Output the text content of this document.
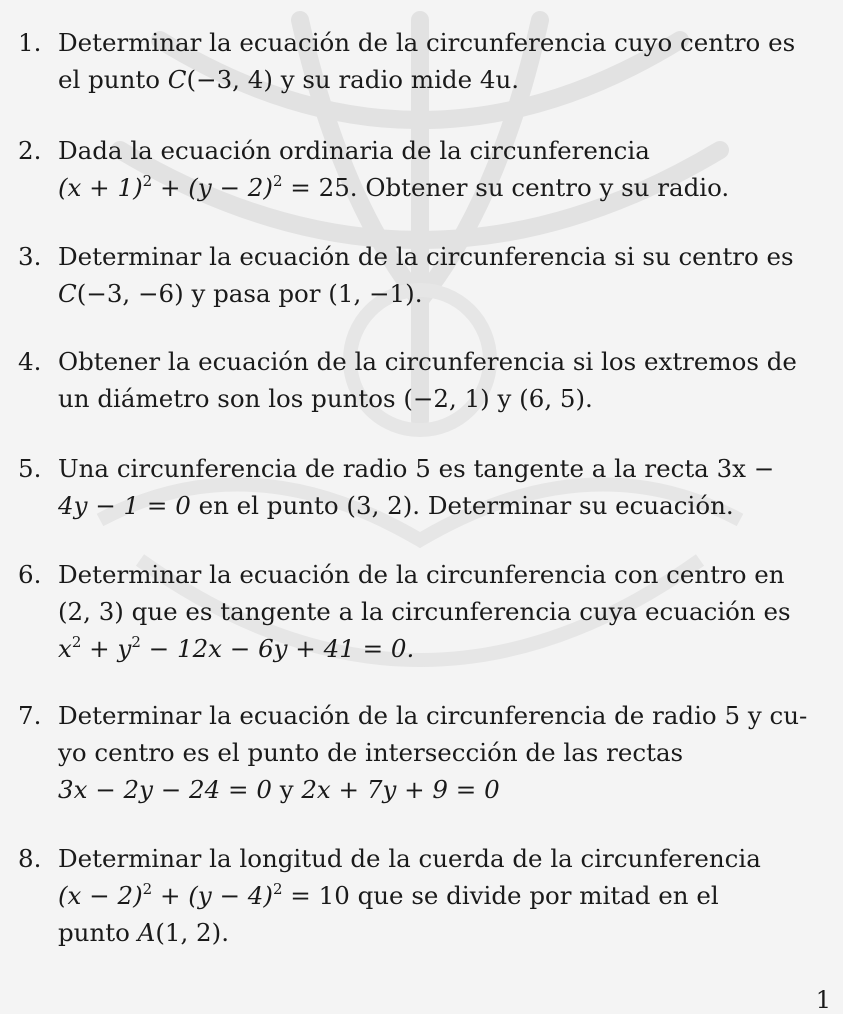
1. Determinar la ecuación de la circunferencia cuyo centro es
el punto C(−3, 4) y su radio mide 4u.
2. Dada la ecuación ordinaria de la circunferencia
$(x + 1)^2 + (y - 2)^2 = 25$. Obtener su centro y su radio.
3. Determinar la ecuación de la circunferencia si su centro es
C(−3, −6) y pasa por (1, −1).
4. Obtener la ecuación de la circunferencia si los extremos de
un diámetro son los puntos (−2, 1) y (6, 5).
5. Una circunferencia de radio 5 es tangente a la recta 3x −
4y − 1 = 0 en el punto (3, 2). Determinar su ecuación.
6. Determinar la ecuación de la circunferencia con centro en
(2, 3) que es tangente a la circunferencia cuya ecuación es
$x^2 + y^2 - 12x - 6y + 41 = 0$.
7. Determinar la ecuación de la circunferencia de radio 5 y cu-
yo centro es el punto de intersección de las rectas
3x − 2y − 24 = 0 y 2x + 7y + 9 = 0
8. Determinar la longitud de la cuerda de la circunferencia
$(x - 2)^2 + (y - 4)^2 = 10$ que se divide por mitad en el
punto A(1, 2).
1
